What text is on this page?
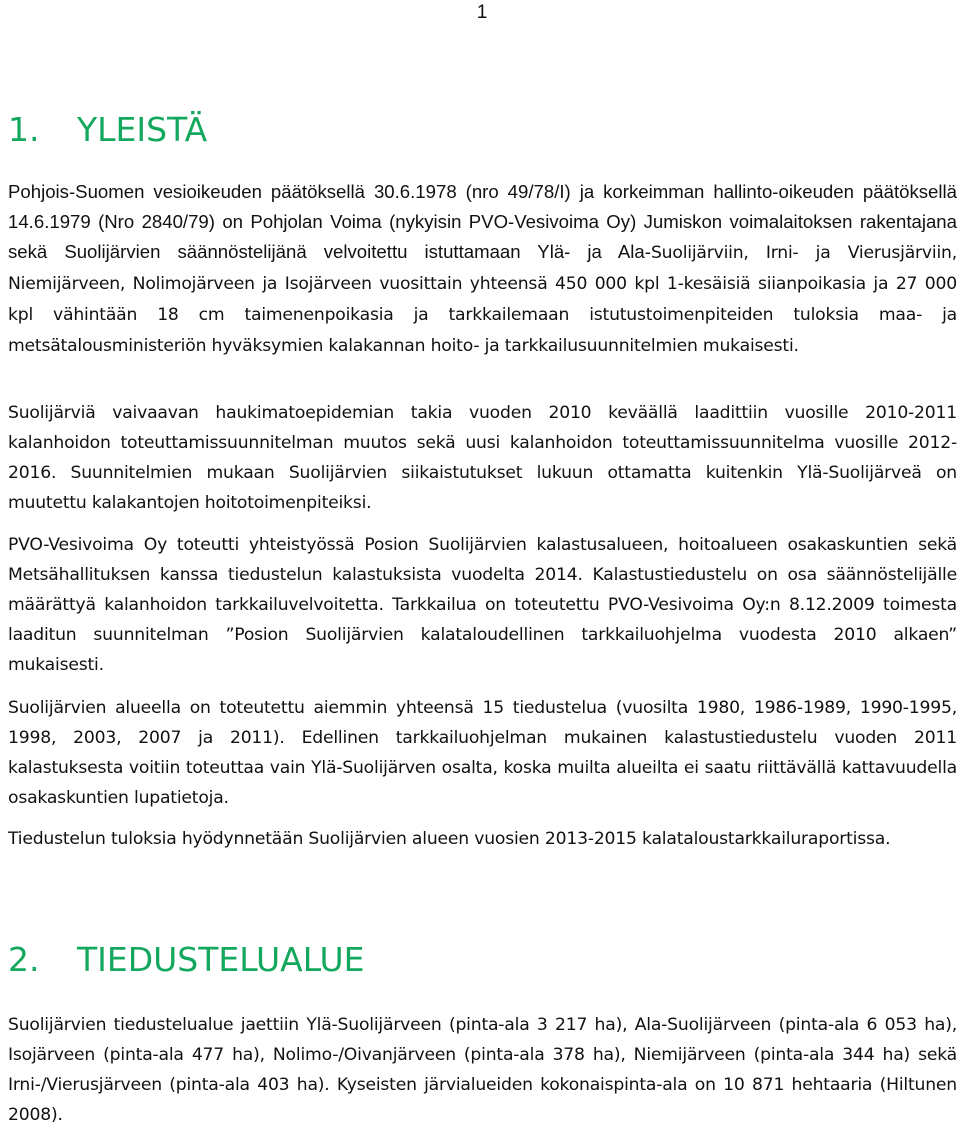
1
1. YLEISTÄ

Pohjois-Suomen vesioikeuden päätöksellä 30.6.1978 (nro 49/78/I) ja korkeimman hallinto-oikeuden päätöksellä 14.6.1979 (Nro 2840/79) on Pohjolan Voima (nykyisin PVO-Vesivoima Oy) Jumiskon voimalaitoksen rakentajana sekä Suolijärvien säännöstelijänä velvoitettu istuttamaan Ylä- ja Ala-Suolijärviin, Irni- ja Vierusjärviin, Niemijärveen, Nolimojärveen ja Isojärveen vuosittain yhteensä 450 000 kpl 1-kesäisiä siianpoikasia ja 27 000 kpl vähintään 18 cm taimenenpoikasia ja tarkkailemaan istutustoimenpiteiden tuloksia maa- ja metsätalousministeriön hyväksymien kalakannan hoito- ja tarkkailusuunnitelmien mukaisesti.

Suolijärviä vaivaavan haukimatoepidemian takia vuoden 2010 keväällä laadittiin vuosille 2010-2011 kalanhoidon toteuttamissuunnitelman muutos sekä uusi kalanhoidon toteuttamissuunnitelma vuosille 2012-2016. Suunnitelmien mukaan Suolijärvien siikaistutukset lukuun ottamatta kuitenkin Ylä-Suolijärveä on muutettu kalakantojen hoitotoimenpiteiksi.

PVO-Vesivoima Oy toteutti yhteistyössä Posion Suolijärvien kalastusalueen, hoitoalueen osakaskuntien sekä Metsähallituksen kanssa tiedustelun kalastuksista vuodelta 2014. Kalastustiedustelu on osa säännöstelijälle määrättyä kalanhoidon tarkkailuvelvoitetta. Tarkkailua on toteutettu PVO-Vesivoima Oy:n 8.12.2009 toimesta laaditun suunnitelman ”Posion Suolijärvien kalataloudellinen tarkkailuohjelma vuodesta 2010 alkaen” mukaisesti.

Suolijärvien alueella on toteutettu aiemmin yhteensä 15 tiedustelua (vuosilta 1980, 1986-1989, 1990-1995, 1998, 2003, 2007 ja 2011). Edellinen tarkkailuohjelman mukainen kalastustiedustelu vuoden 2011 kalastuksesta voitiin toteuttaa vain Ylä-Suolijärven osalta, koska muilta alueilta ei saatu riittävällä kattavuudella osakaskuntien lupatietoja.

Tiedustelun tuloksia hyödynnetään Suolijärvien alueen vuosien 2013-2015 kalataloustarkkailuraportissa.

2. TIEDUSTELUALUE

Suolijärvien tiedustelualue jaettiin Ylä-Suolijärveen (pinta-ala 3 217 ha), Ala-Suolijärveen (pinta-ala 6 053 ha), Isojärveen (pinta-ala 477 ha), Nolimo-/Oivanjärveen (pinta-ala 378 ha), Niemijärveen (pinta-ala 344 ha) sekä Irni-/Vierusjärveen (pinta-ala 403 ha). Kyseisten järvialueiden kokonaispinta-ala on 10 871 hehtaaria (Hiltunen 2008).
